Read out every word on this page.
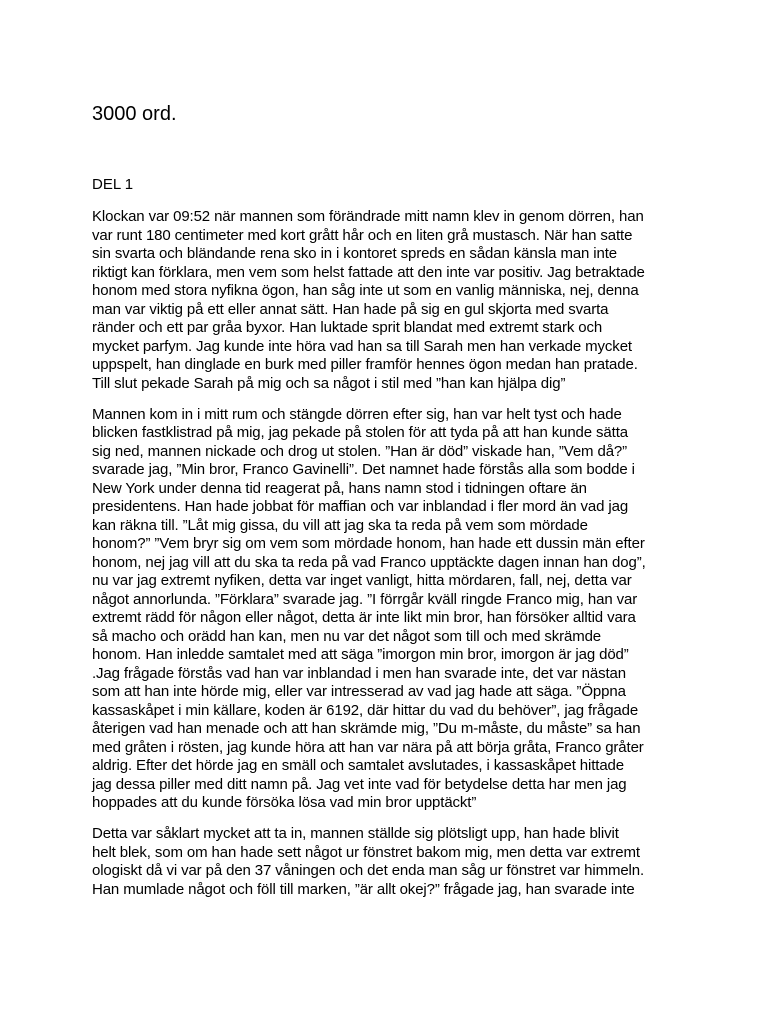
3000 ord.
DEL 1
Klockan var 09:52 när mannen som förändrade mitt namn klev in genom dörren, han
var runt 180 centimeter med kort grått hår och en liten grå mustasch. När han satte
sin svarta och bländande rena sko in i kontoret spreds en sådan känsla man inte
riktigt kan förklara, men vem som helst fattade att den inte var positiv. Jag betraktade
honom med stora nyfikna ögon, han såg inte ut som en vanlig människa, nej, denna
man var viktig på ett eller annat sätt. Han hade på sig en gul skjorta med svarta
ränder och ett par gråa byxor. Han luktade sprit blandat med extremt stark och
mycket parfym. Jag kunde inte höra vad han sa till Sarah men han verkade mycket
uppspelt, han dinglade en burk med piller framför hennes ögon medan han pratade.
Till slut pekade Sarah på mig och sa något i stil med ”han kan hjälpa dig”
Mannen kom in i mitt rum och stängde dörren efter sig, han var helt tyst och hade
blicken fastklistrad på mig, jag pekade på stolen för att tyda på att han kunde sätta
sig ned, mannen nickade och drog ut stolen. ”Han är död” viskade han, ”Vem då?”
svarade jag, ”Min bror, Franco Gavinelli”. Det namnet hade förstås alla som bodde i
New York under denna tid reagerat på, hans namn stod i tidningen oftare än
presidentens. Han hade jobbat för maffian och var inblandad i fler mord än vad jag
kan räkna till. ”Låt mig gissa, du vill att jag ska ta reda på vem som mördade
honom?” ”Vem bryr sig om vem som mördade honom, han hade ett dussin män efter
honom, nej jag vill att du ska ta reda på vad Franco upptäckte dagen innan han dog”,
nu var jag extremt nyfiken, detta var inget vanligt, hitta mördaren, fall, nej, detta var
något annorlunda. ”Förklara” svarade jag. ”I förrgår kväll ringde Franco mig, han var
extremt rädd för någon eller något, detta är inte likt min bror, han försöker alltid vara
så macho och orädd han kan, men nu var det något som till och med skrämde
honom. Han inledde samtalet med att säga ”imorgon min bror, imorgon är jag död”
.Jag frågade förstås vad han var inblandad i men han svarade inte, det var nästan
som att han inte hörde mig, eller var intresserad av vad jag hade att säga. ”Öppna
kassaskåpet i min källare, koden är 6192, där hittar du vad du behöver”, jag frågade
återigen vad han menade och att han skrämde mig, ”Du m-måste, du måste” sa han
med gråten i rösten, jag kunde höra att han var nära på att börja gråta, Franco gråter
aldrig. Efter det hörde jag en smäll och samtalet avslutades, i kassaskåpet hittade
jag dessa piller med ditt namn på. Jag vet inte vad för betydelse detta har men jag
hoppades att du kunde försöka lösa vad min bror upptäckt”
Detta var såklart mycket att ta in, mannen ställde sig plötsligt upp, han hade blivit
helt blek, som om han hade sett något ur fönstret bakom mig, men detta var extremt
ologiskt då vi var på den 37 våningen och det enda man såg ur fönstret var himmeln.
Han mumlade något och föll till marken, ”är allt okej?” frågade jag, han svarade inte
